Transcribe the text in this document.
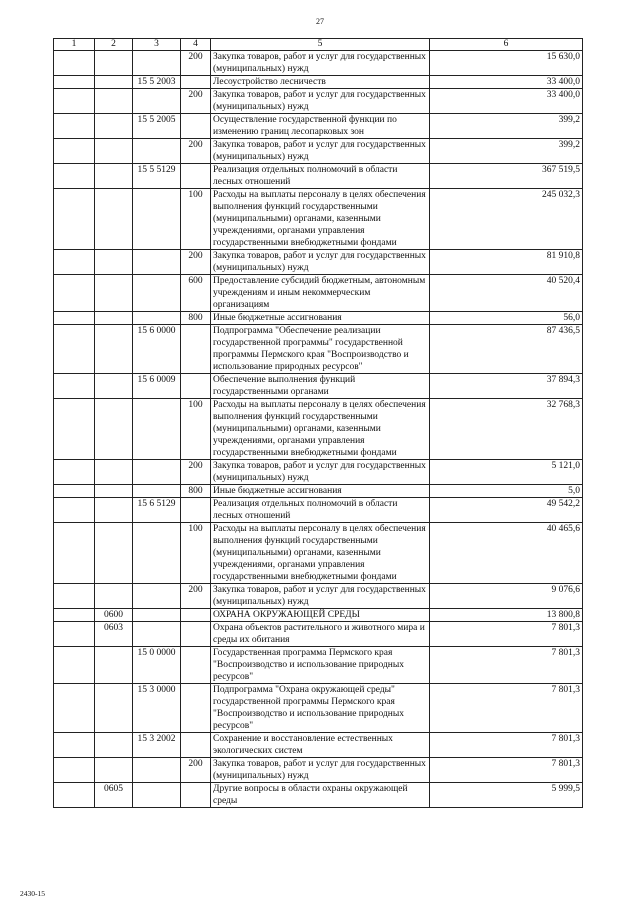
27
1	2	3	4	5	6
			200	Закупка товаров, работ и услуг для государственных (муниципальных) нужд	15 630,0
		15 5 2003		Лесоустройство лесничеств	33 400,0
			200	Закупка товаров, работ и услуг для государственных (муниципальных) нужд	33 400,0
		15 5 2005		Осуществление государственной функции по изменению границ лесопарковых зон	399,2
			200	Закупка товаров, работ и услуг для государственных (муниципальных) нужд	399,2
		15 5 5129		Реализация отдельных полномочий в области лесных отношений	367 519,5
			100	Расходы на выплаты персоналу в целях обеспечения выполнения функций государственными (муниципальными) органами, казенными учреждениями, органами управления государственными внебюджетными фондами	245 032,3
			200	Закупка товаров, работ и услуг для государственных (муниципальных) нужд	81 910,8
			600	Предоставление субсидий бюджетным, автономным учреждениям и иным некоммерческим организациям	40 520,4
			800	Иные бюджетные ассигнования	56,0
		15 6 0000		Подпрограмма "Обеспечение реализации государственной программы" государственной программы Пермского края "Воспроизводство и использование природных ресурсов"	87 436,5
		15 6 0009		Обеспечение выполнения функций государственными органами	37 894,3
			100	Расходы на выплаты персоналу в целях обеспечения выполнения функций государственными (муниципальными) органами, казенными учреждениями, органами управления государственными внебюджетными фондами	32 768,3
			200	Закупка товаров, работ и услуг для государственных (муниципальных) нужд	5 121,0
			800	Иные бюджетные ассигнования	5,0
		15 6 5129		Реализация отдельных полномочий в области лесных отношений	49 542,2
			100	Расходы на выплаты персоналу в целях обеспечения выполнения функций государственными (муниципальными) органами, казенными учреждениями, органами управления государственными внебюджетными фондами	40 465,6
			200	Закупка товаров, работ и услуг для государственных (муниципальных) нужд	9 076,6
	0600			ОХРАНА ОКРУЖАЮЩЕЙ СРЕДЫ	13 800,8
	0603			Охрана объектов растительного и животного мира и среды их обитания	7 801,3
		15 0 0000		Государственная программа Пермского края "Воспроизводство и использование природных ресурсов"	7 801,3
		15 3 0000		Подпрограмма "Охрана окружающей среды" государственной программы Пермского края "Воспроизводство и использование природных ресурсов"	7 801,3
		15 3 2002		Сохранение и восстановление естественных экологических систем	7 801,3
			200	Закупка товаров, работ и услуг для государственных (муниципальных) нужд	7 801,3
	0605			Другие вопросы в области охраны окружающей среды	5 999,5
2430-15
